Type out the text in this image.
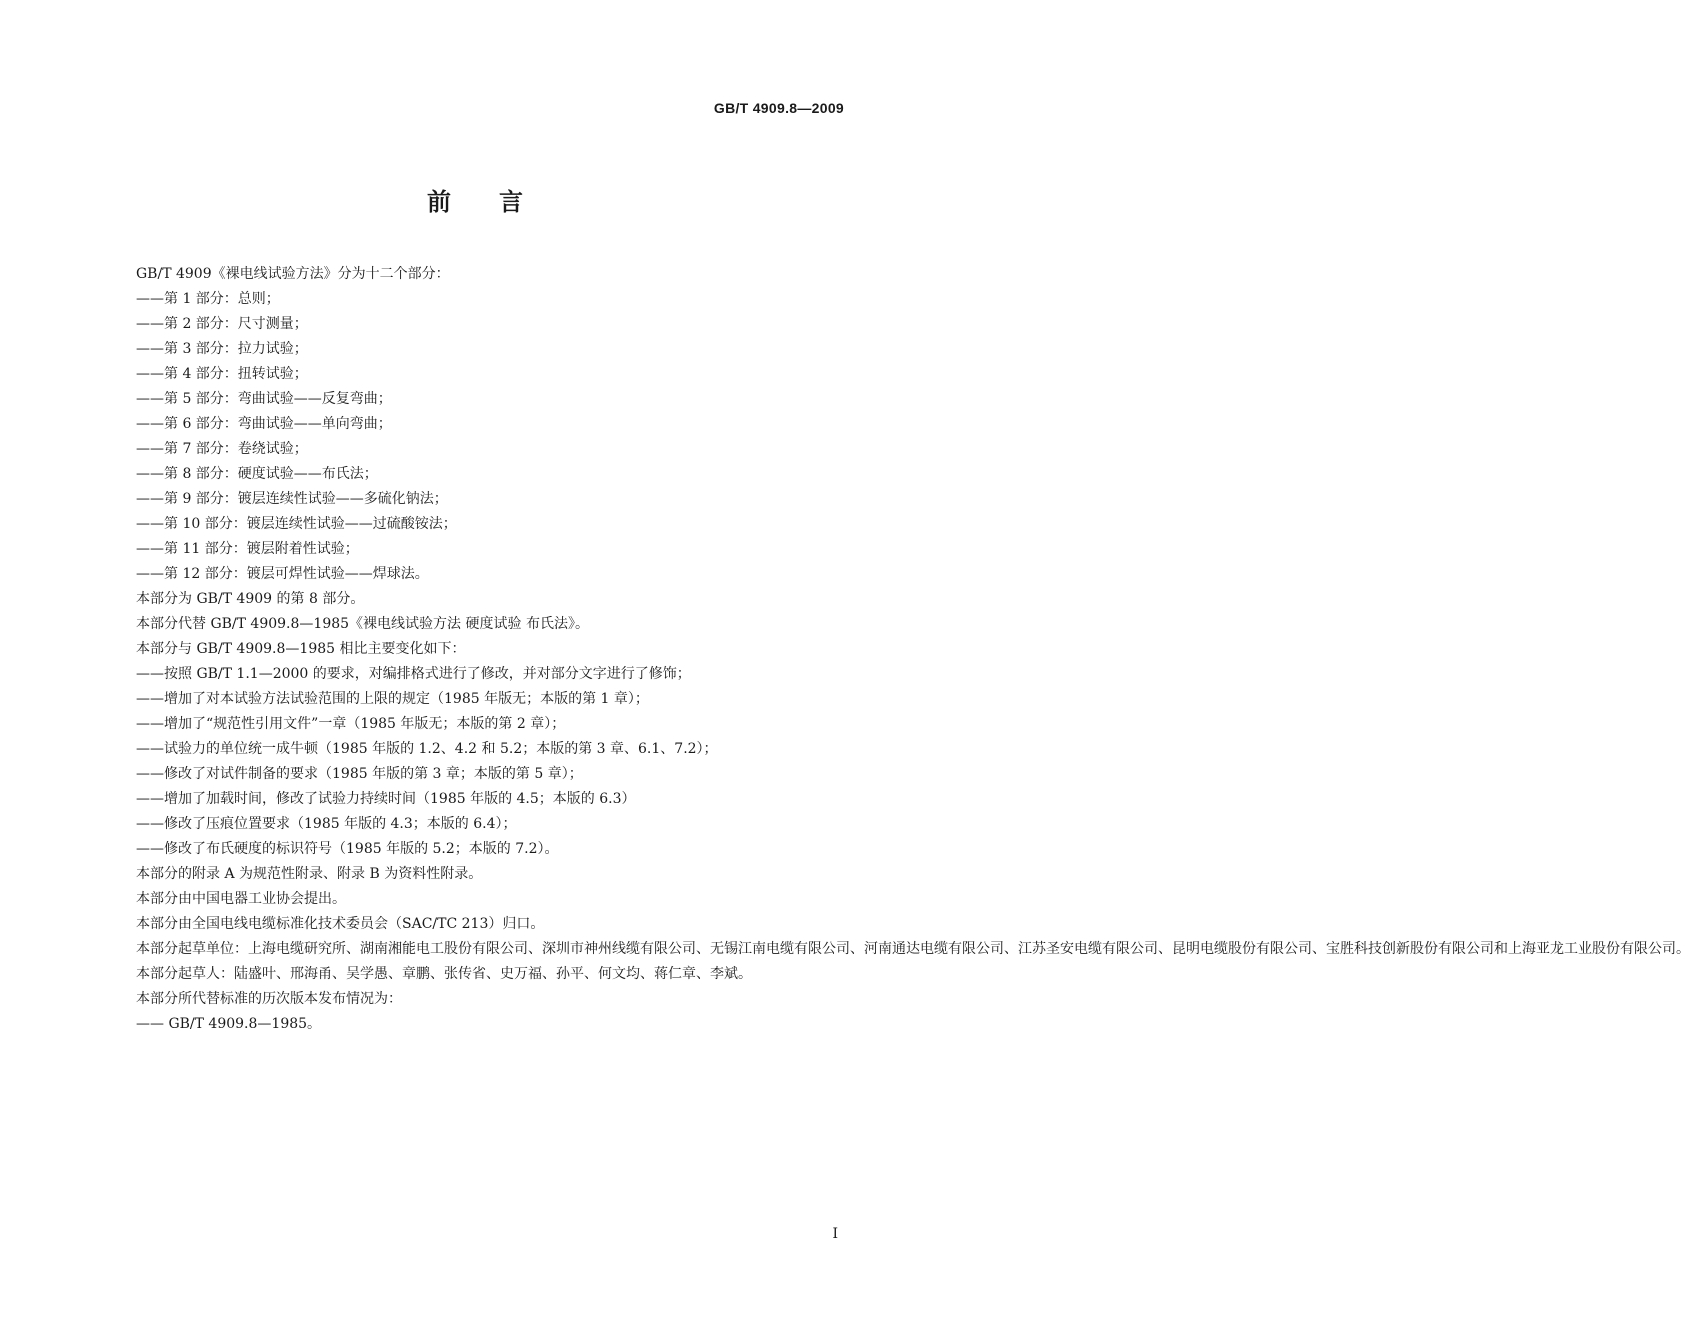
GB/T 4909.8—2009
前言

GB/T 4909《裸电线试验方法》分为十二个部分：

——第 1 部分：总则；

——第 2 部分：尺寸测量；

——第 3 部分：拉力试验；

——第 4 部分：扭转试验；

——第 5 部分：弯曲试验——反复弯曲；

——第 6 部分：弯曲试验——单向弯曲；

——第 7 部分：卷绕试验；

——第 8 部分：硬度试验——布氏法；

——第 9 部分：镀层连续性试验——多硫化钠法；

——第 10 部分：镀层连续性试验——过硫酸铵法；

——第 11 部分：镀层附着性试验；

——第 12 部分：镀层可焊性试验——焊球法。

本部分为 GB/T 4909 的第 8 部分。

本部分代替 GB/T 4909.8—1985《裸电线试验方法 硬度试验 布氏法》。

本部分与 GB/T 4909.8—1985 相比主要变化如下：

——按照 GB/T 1.1—2000 的要求，对编排格式进行了修改，并对部分文字进行了修饰；

——增加了对本试验方法试验范围的上限的规定（1985 年版无；本版的第 1 章）；

——增加了“规范性引用文件”一章（1985 年版无；本版的第 2 章）；

——试验力的单位统一成牛顿（1985 年版的 1.2、4.2 和 5.2；本版的第 3 章、6.1、7.2）；

——修改了对试件制备的要求（1985 年版的第 3 章；本版的第 5 章）；

——增加了加载时间，修改了试验力持续时间（1985 年版的 4.5；本版的 6.3）

——修改了压痕位置要求（1985 年版的 4.3；本版的 6.4）；

——修改了布氏硬度的标识符号（1985 年版的 5.2；本版的 7.2）。

本部分的附录 A 为规范性附录、附录 B 为资料性附录。

本部分由中国电器工业协会提出。

本部分由全国电线电缆标准化技术委员会（SAC/TC 213）归口。

本部分起草单位：上海电缆研究所、湖南湘能电工股份有限公司、深圳市神州线缆有限公司、无锡江南电缆有限公司、河南通达电缆有限公司、江苏圣安电缆有限公司、昆明电缆股份有限公司、宝胜科技创新股份有限公司和上海亚龙工业股份有限公司。

本部分起草人：陆盛叶、邢海甬、吴学愚、章鹏、张传省、史万福、孙平、何文均、蒋仁章、李斌。

本部分所代替标准的历次版本发布情况为：

—— GB/T 4909.8—1985。

I
